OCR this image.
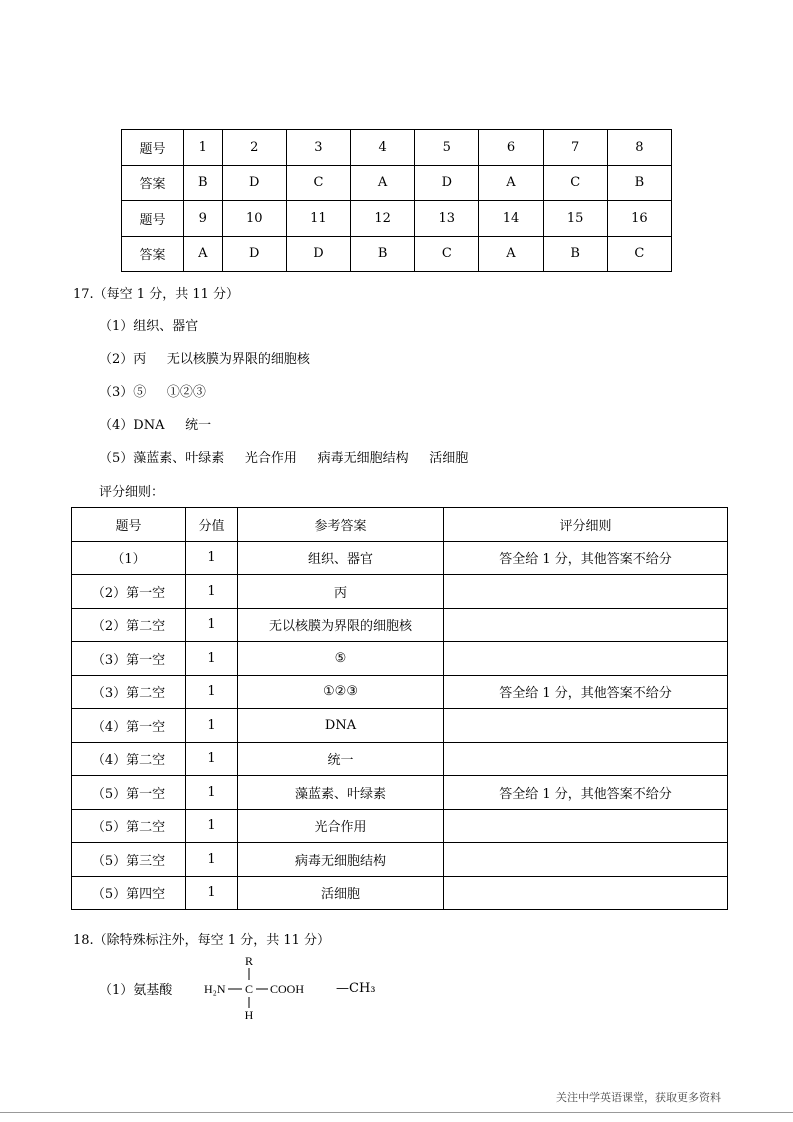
题号	1	2	3	4	5	6	7	8
答案	B	D	C	A	D	A	C	B
题号	9	10	11	12	13	14	15	16
答案	A	D	D	B	C	A	B	C
17.（每空 1 分，共 11 分）
（1）组织、器官
（2）丙     无以核膜为界限的细胞核
（3）⑤     ①②③
（4）DNA     统一
（5）藻蓝素、叶绿素     光合作用     病毒无细胞结构     活细胞
评分细则：
题号	分值	参考答案	评分细则
（1）	1	组织、器官	答全给 1 分，其他答案不给分
（2）第一空	1	丙	
（2）第二空	1	无以核膜为界限的细胞核	
（3）第一空	1	⑤	
（3）第二空	1	①②③	答全给 1 分，其他答案不给分
（4）第一空	1	DNA	
（4）第二空	1	统一	
（5）第一空	1	藻蓝素、叶绿素	答全给 1 分，其他答案不给分
（5）第二空	1	光合作用	
（5）第三空	1	病毒无细胞结构	
（5）第四空	1	活细胞	
18.（除特殊标注外，每空 1 分，共 11 分）
（1）氨基酸
R
H₂N C COOH
H
—CH₃
关注中学英语课堂，获取更多资料
